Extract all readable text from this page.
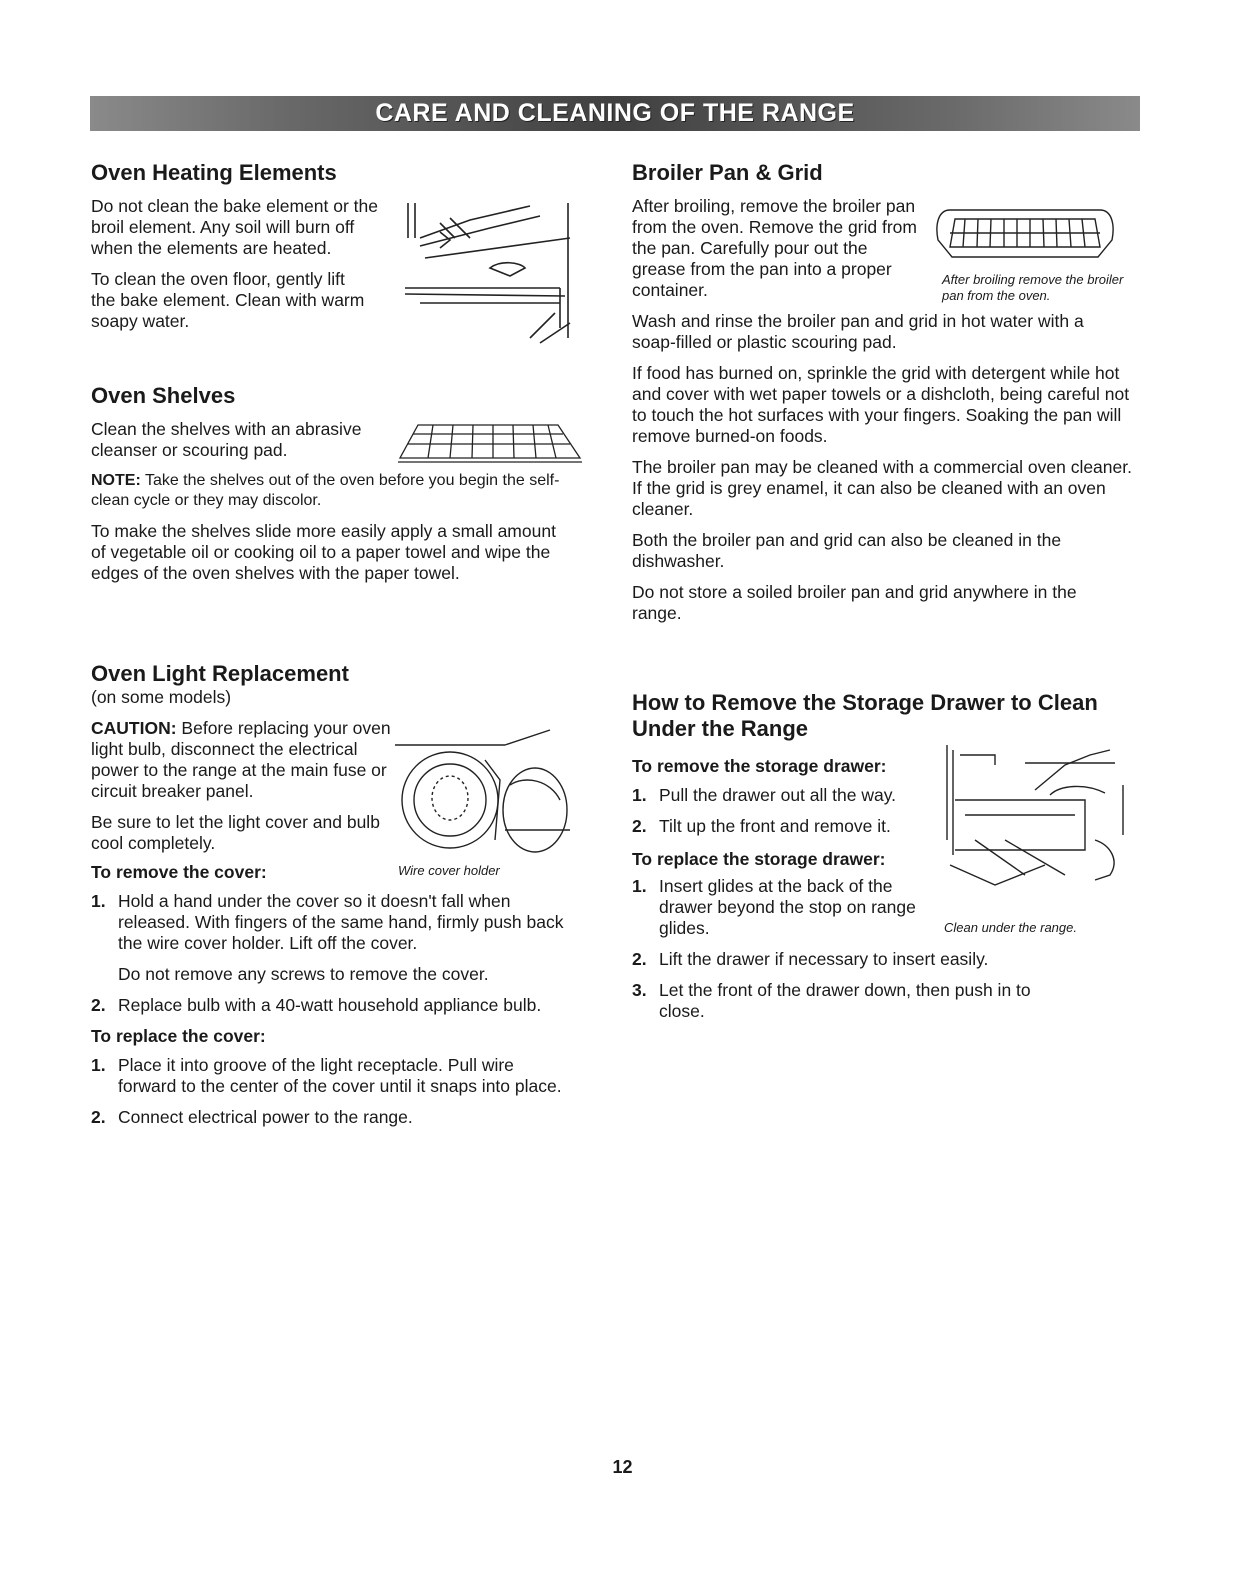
CARE AND CLEANING OF THE RANGE
Oven Heating Elements

Do not clean the bake element or the broil element. Any soil will burn off when the elements are heated.

To clean the oven floor, gently lift the bake element. Clean with warm soapy water.

Oven Shelves

Clean the shelves with an abrasive cleanser or scouring pad.

NOTE: Take the shelves out of the oven before you begin the self-clean cycle or they may discolor.

To make the shelves slide more easily apply a small amount of vegetable oil or cooking oil to a paper towel and wipe the edges of the oven shelves with the paper towel.

Oven Light Replacement

(on some models)

CAUTION: Before replacing your oven light bulb, disconnect the electrical power to the range at the main fuse or circuit breaker panel.

Be sure to let the light cover and bulb cool completely.

To remove the cover:

1. Hold a hand under the cover so it doesn't fall when released. With fingers of the same hand, firmly push back the wire cover holder. Lift off the cover.
Do not remove any screws to remove the cover.
2. Replace bulb with a 40-watt household appliance bulb.

To replace the cover:

1. Place it into groove of the light receptacle. Pull wire forward to the center of the cover until it snaps into place.
2. Connect electrical power to the range.
Wire cover holder
Broiler Pan & Grid

After broiling, remove the broiler pan from the oven. Remove the grid from the pan. Carefully pour out the grease from the pan into a proper container.

Wash and rinse the broiler pan and grid in hot water with a soap-filled or plastic scouring pad.

If food has burned on, sprinkle the grid with detergent while hot and cover with wet paper towels or a dishcloth, being careful not to touch the hot surfaces with your fingers. Soaking the pan will remove burned-on foods.

The broiler pan may be cleaned with a commercial oven cleaner. If the grid is grey enamel, it can also be cleaned with an oven cleaner.

Both the broiler pan and grid can also be cleaned in the dishwasher.

Do not store a soiled broiler pan and grid anywhere in the range.

After broiling remove the broiler pan from the oven.
How to Remove the Storage Drawer to Clean Under the Range

To remove the storage drawer:

1. Pull the drawer out all the way.
2. Tilt up the front and remove it.

To replace the storage drawer:

1. Insert glides at the back of the drawer beyond the stop on range glides.
2. Lift the drawer if necessary to insert easily.
3. Let the front of the drawer down, then push in to close.
Clean under the range.
12
